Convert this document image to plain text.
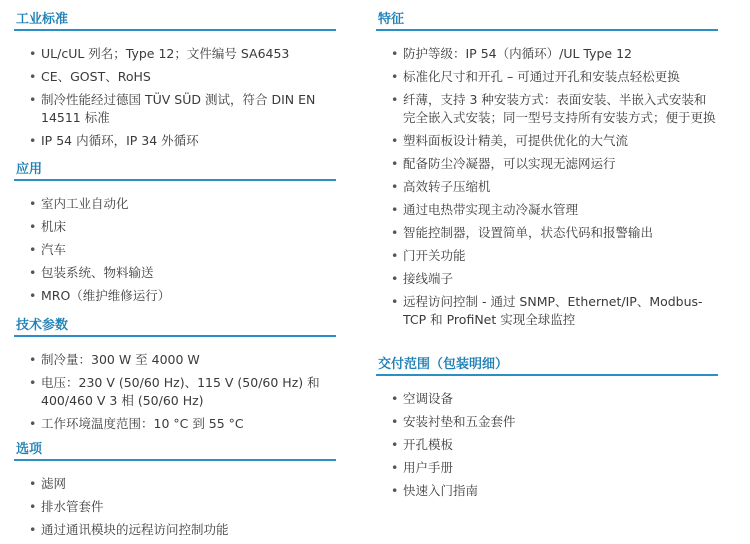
工业标准
• UL/cUL 列名；Type 12；文件编号 SA6453
• CE、GOST、RoHS
• 制冷性能经过德国 TÜV SÜD 测试，符合 DIN EN 14511 标准
• IP 54 内循环，IP 34 外循环
应用
• 室内工业自动化
• 机床
• 汽车
• 包装系统、物料输送
• MRO（维护维修运行）
技术参数
• 制冷量：300 W 至 4000 W
• 电压：230 V (50/60 Hz)、115 V (50/60 Hz) 和 400/460 V 3 相 (50/60 Hz)
• 工作环境温度范围：10 °C 到 55 °C
选项
• 滤网
• 排水管套件
• 通过通讯模块的远程访问控制功能
特征
• 防护等级：IP 54（内循环）/UL Type 12
• 标准化尺寸和开孔 – 可通过开孔和安装点轻松更换
• 纤薄，支持 3 种安装方式：表面安装、半嵌入式安装和完全嵌入式安装；同一型号支持所有安装方式；便于更换
• 塑料面板设计精美，可提供优化的大气流
• 配备防尘冷凝器，可以实现无滤网运行
• 高效转子压缩机
• 通过电热带实现主动冷凝水管理
• 智能控制器，设置简单，状态代码和报警输出
• 门开关功能
• 接线端子
• 远程访问控制 - 通过 SNMP、Ethernet/IP、Modbus-TCP 和 ProfiNet 实现全球监控
交付范围（包装明细）
• 空调设备
• 安装衬垫和五金套件
• 开孔模板
• 用户手册
• 快速入门指南
